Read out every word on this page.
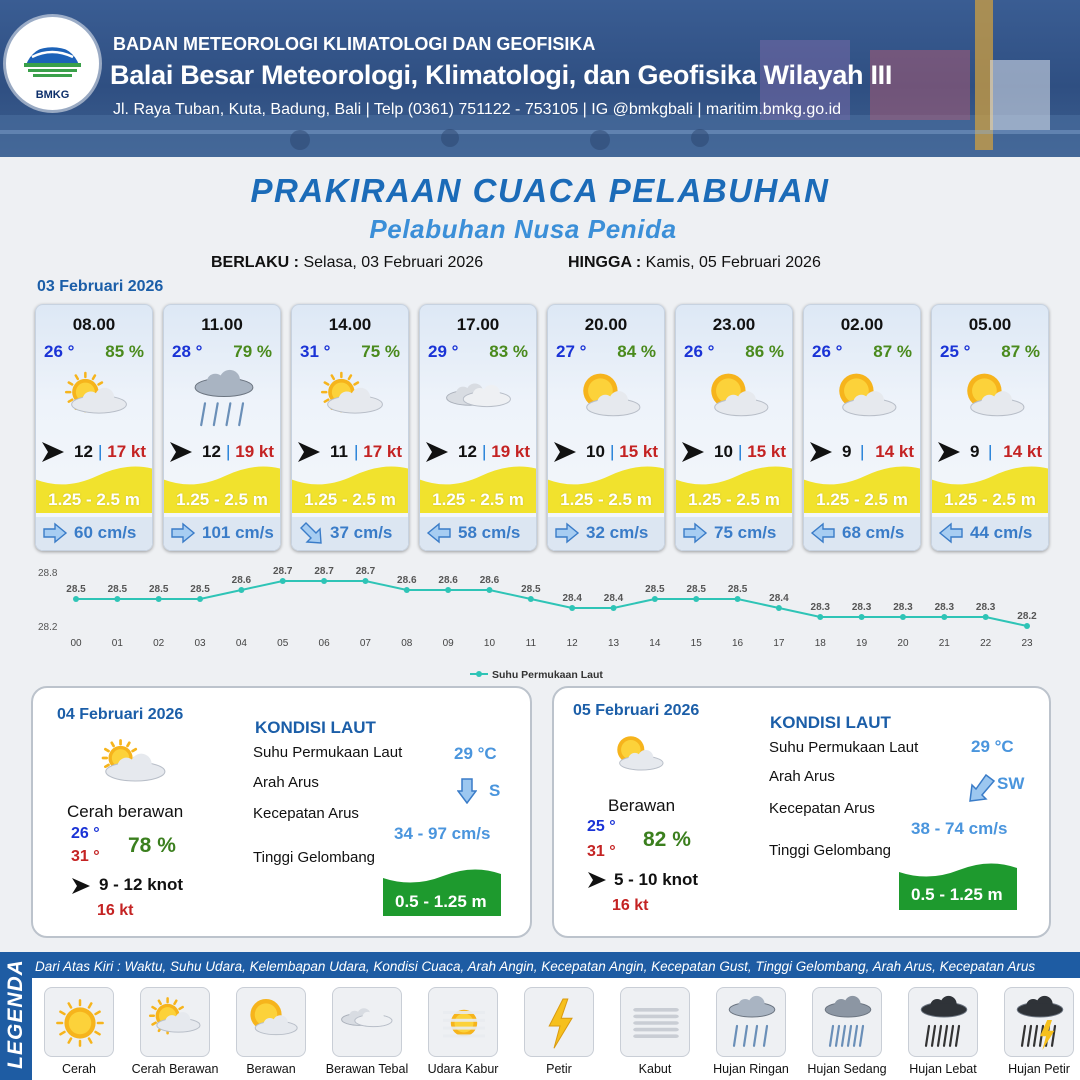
BMKG
BADAN METEOROLOGI KLIMATOLOGI DAN GEOFISIKA
Balai Besar Meteorologi, Klimatologi, dan Geofisika Wilayah III
Jl. Raya Tuban, Kuta, Badung, Bali | Telp (0361) 751122 - 753105 | IG @bmkgbali | maritim.bmkg.go.id
PRAKIRAAN CUACA PELABUHAN
Pelabuhan Nusa Penida
BERLAKU : Selasa, 03 Februari 2026	HINGGA : Kamis, 05 Februari 2026
03 Februari 2026
08.00
26 ° 85 %
12 | 17 kt
1.25 - 2.5 m
60 cm/s
11.00
28 ° 79 %
12 | 19 kt
1.25 - 2.5 m
101 cm/s
14.00
31 ° 75 %
11 | 17 kt
1.25 - 2.5 m
37 cm/s
17.00
29 ° 83 %
12 | 19 kt
1.25 - 2.5 m
58 cm/s
20.00
27 ° 84 %
10 | 15 kt
1.25 - 2.5 m
32 cm/s
23.00
26 ° 86 %
10 | 15 kt
1.25 - 2.5 m
75 cm/s
02.00
26 ° 87 %
9 | 14 kt
1.25 - 2.5 m
68 cm/s
05.00
25 ° 87 %
9 | 14 kt
1.25 - 2.5 m
44 cm/s
28.8
28.2
00	01	02	03	04	05	06	07	08	09	10	11	12	13	14	15	16	17	18	19	20	21	22	23
28.5 28.5 28.5 28.5
28.6
28.7 28.7 28.7
28.6 28.6 28.6
28.5
28.4 28.4
28.5 28.5 28.5
28.4
28.3 28.3 28.3 28.3 28.3
28.2
Suhu Permukaan Laut
04 Februari 2026
Cerah berawan
26 °
31 ° 78 %
9 - 12 knot
16 kt
KONDISI LAUT
Suhu Permukaan Laut	29 °C
Arah Arus	S
Kecepatan Arus
34 - 97 cm/s
Tinggi Gelombang
0.5 - 1.25 m
05 Februari 2026
Berawan
25 °
31 °
82 %
5 - 10 knot
16 kt
KONDISI LAUT
Suhu Permukaan Laut	29 °C
Arah Arus	SW
Kecepatan Arus
38 - 74 cm/s
Tinggi Gelombang
0.5 - 1.25 m
LEGENDA Dari Atas Kiri : Waktu, Suhu Udara, Kelembapan Udara, Kondisi Cuaca, Arah Angin, Kecepatan Angin, Kecepatan Gust, Tinggi Gelombang, Arah Arus, Kecepatan Arus
Cerah	Cerah Berawan	Berawan	Berawan Tebal	Udara Kabur	Petir	Kabut	Hujan Ringan	Hujan Sedang	Hujan Lebat	Hujan Petir
